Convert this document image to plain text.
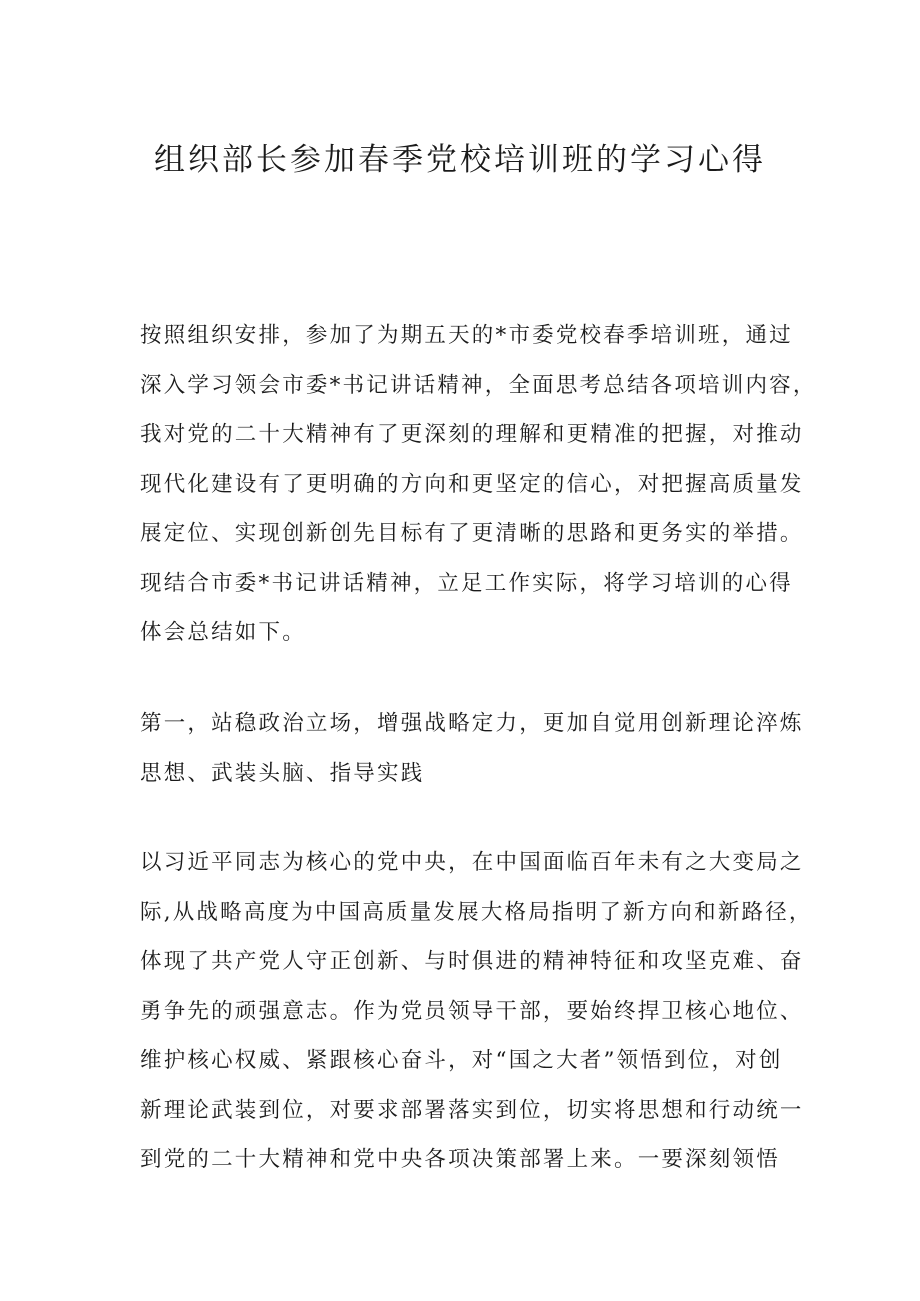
组织部长参加春季党校培训班的学习心得

按照组织安排，参加了为期五天的*市委党校春季培训班，通过
深入学习领会市委*书记讲话精神，全面思考总结各项培训内容，
我对党的二十大精神有了更深刻的理解和更精准的把握，对推动
现代化建设有了更明确的方向和更坚定的信心，对把握高质量发
展定位、实现创新创先目标有了更清晰的思路和更务实的举措。
现结合市委*书记讲话精神，立足工作实际，将学习培训的心得
体会总结如下。

第一，站稳政治立场，增强战略定力，更加自觉用创新理论淬炼
思想、武装头脑、指导实践

以习近平同志为核心的党中央，在中国面临百年未有之大变局之
际,从战略高度为中国高质量发展大格局指明了新方向和新路径，
体现了共产党人守正创新、与时俱进的精神特征和攻坚克难、奋
勇争先的顽强意志。作为党员领导干部，要始终捍卫核心地位、
维护核心权威、紧跟核心奋斗，对“国之大者”领悟到位，对创
新理论武装到位，对要求部署落实到位，切实将思想和行动统一
到党的二十大精神和党中央各项决策部署上来。一要深刻领悟
